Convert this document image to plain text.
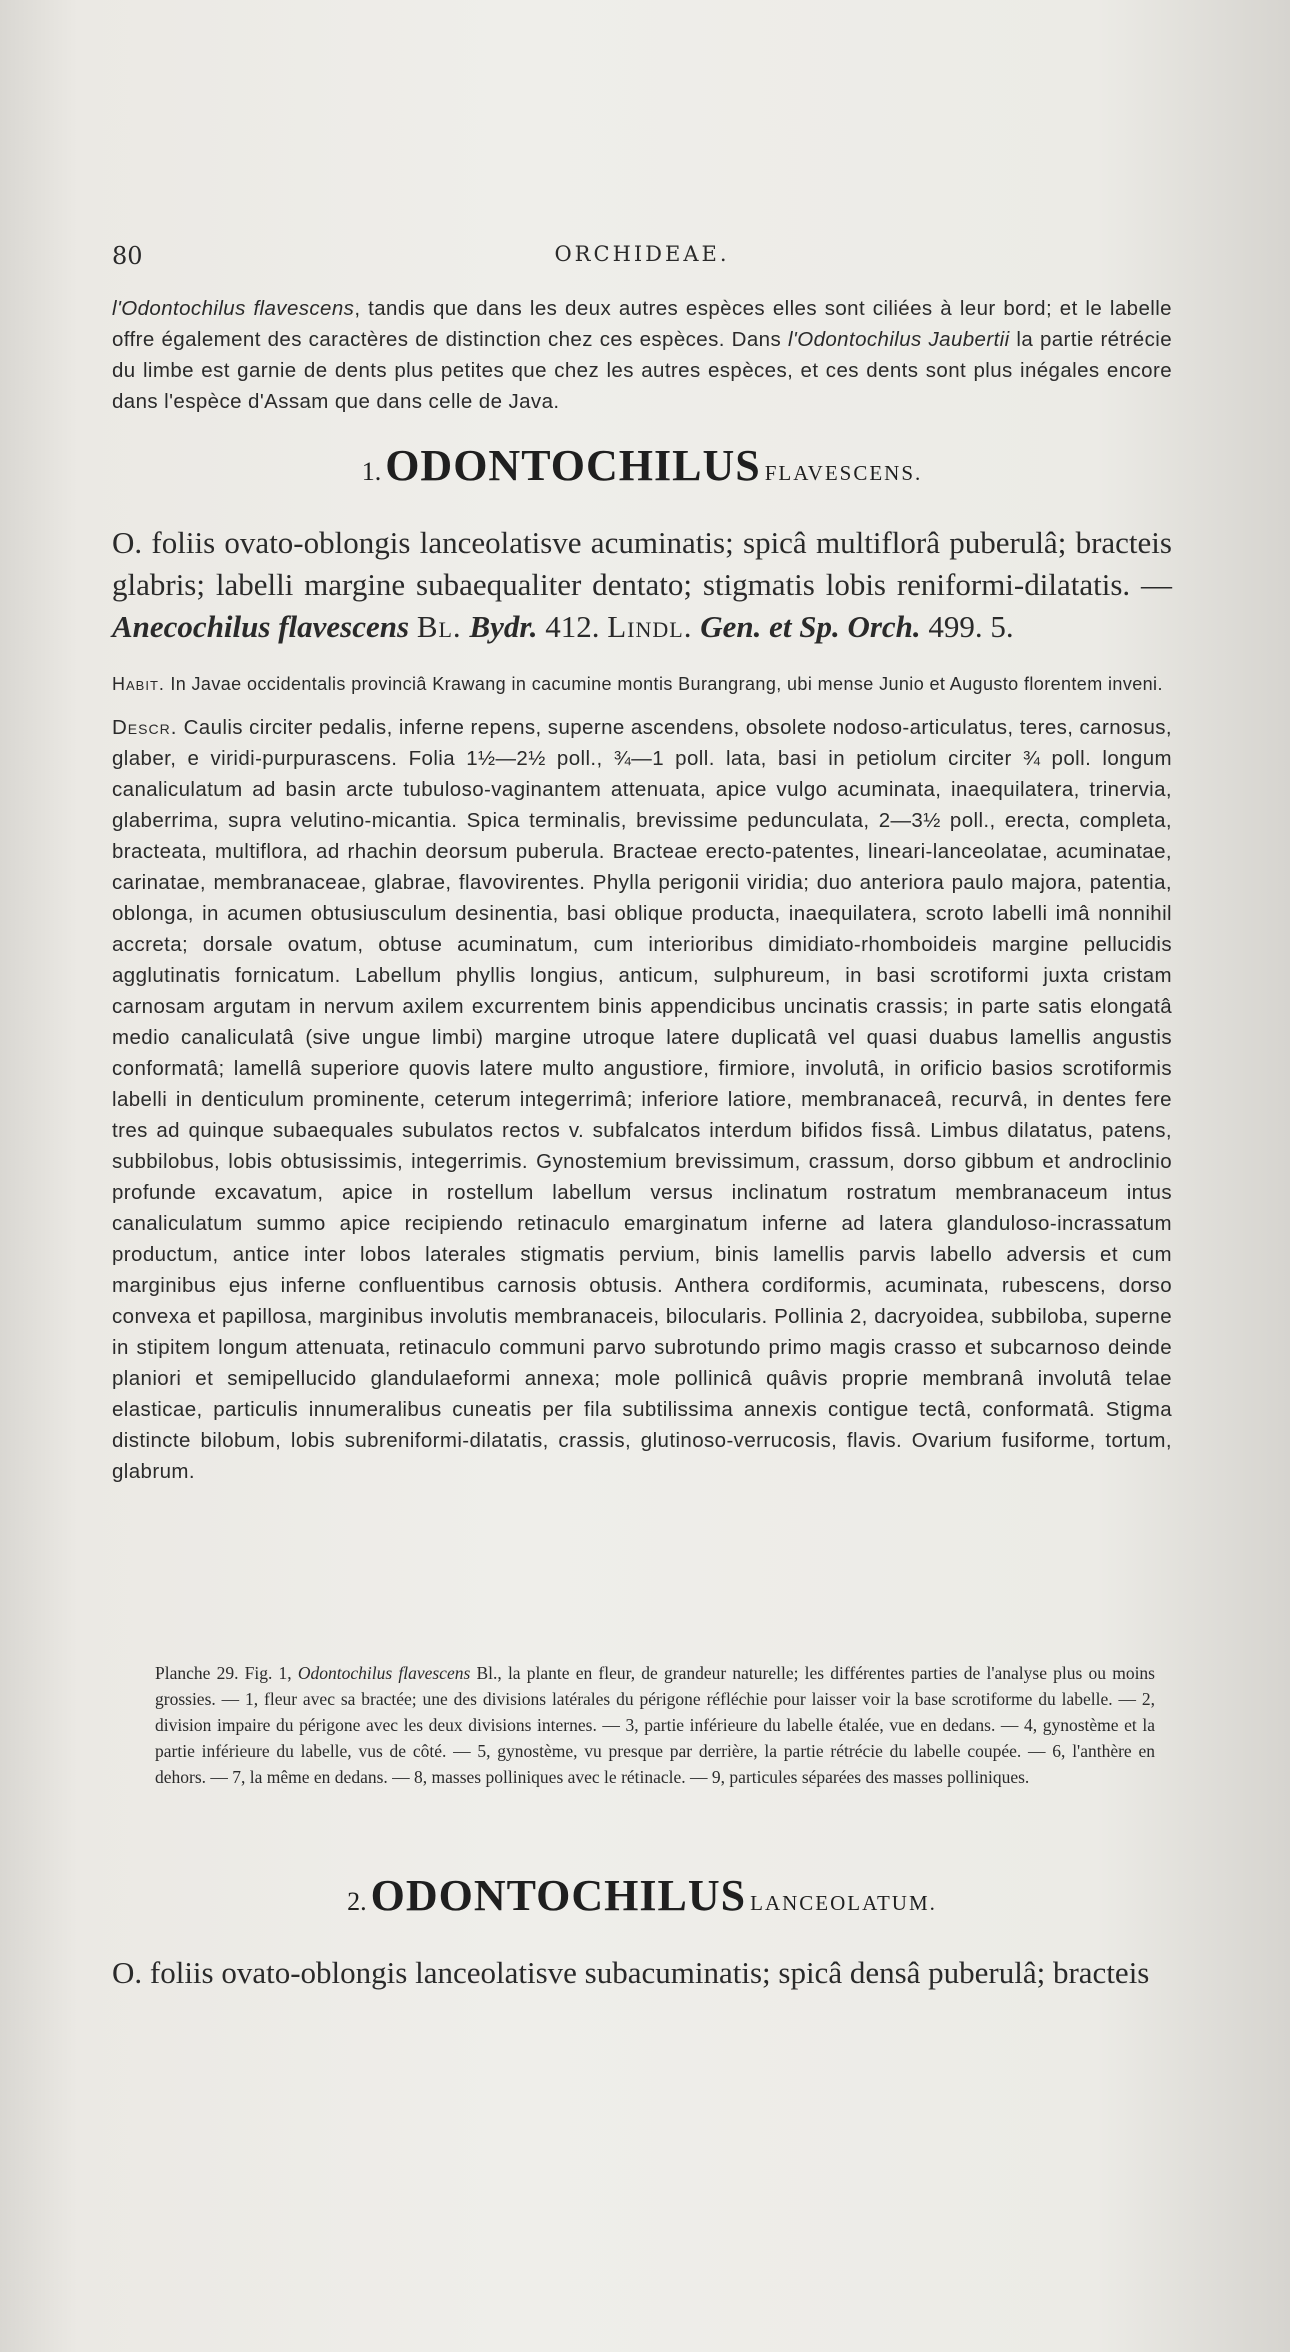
80	ORCHIDEAE.
l'Odontochilus flavescens, tandis que dans les deux autres espèces elles sont ciliées à leur bord; et le labelle offre également des caractères de distinction chez ces espèces. Dans l'Odontochilus Jaubertii la partie rétrécie du limbe est garnie de dents plus petites que chez les autres espèces, et ces dents sont plus inégales encore dans l'espèce d'Assam que dans celle de Java.
1. ODONTOCHILUS FLAVESCENS.
O. foliis ovato-oblongis lanceolatisve acuminatis; spicâ multiflorâ puberulâ; bracteis glabris; labelli margine subaequaliter dentato; stigmatis lobis reniformi-dilatatis. — Anecochilus flavescens Bl. Bydr. 412. Lindl. Gen. et Sp. Orch. 499. 5.
Habit. In Javae occidentalis provinciâ Krawang in cacumine montis Burangrang, ubi mense Junio et Augusto florentem inveni.
Descr. Caulis circiter pedalis, inferne repens, superne ascendens, obsolete nodoso-articulatus, teres, carnosus, glaber, e viridi-purpurascens. Folia 1½—2½ poll., ¾—1 poll. lata, basi in petiolum circiter ¾ poll. longum canaliculatum ad basin arcte tubuloso-vaginantem attenuata, apice vulgo acuminata, inaequilatera, trinervia, glaberrima, supra velutino-micantia. Spica terminalis, brevissime pedunculata, 2—3½ poll., erecta, completa, bracteata, multiflora, ad rhachin deorsum puberula. Bracteae erecto-patentes, lineari-lanceolatae, acuminatae, carinatae, membranaceae, glabrae, flavovirentes. Phylla perigonii viridia; duo anteriora paulo majora, patentia, oblonga, in acumen obtusiusculum desinentia, basi oblique producta, inaequilatera, scroto labelli imâ nonnihil accreta; dorsale ovatum, obtuse acuminatum, cum interioribus dimidiato-rhomboideis margine pellucidis agglutinatis fornicatum. Labellum phyllis longius, anticum, sulphureum, in basi scrotiformi juxta cristam carnosam argutam in nervum axilem excurrentem binis appendicibus uncinatis crassis; in parte satis elongatâ medio canaliculatâ (sive ungue limbi) margine utroque latere duplicatâ vel quasi duabus lamellis angustis conformatâ; lamellâ superiore quovis latere multo angustiore, firmiore, involutâ, in orificio basios scrotiformis labelli in denticulum prominente, ceterum integerrimâ; inferiore latiore, membranaceâ, recurvâ, in dentes fere tres ad quinque subaequales subulatos rectos v. subfalcatos interdum bifidos fissâ. Limbus dilatatus, patens, subbilobus, lobis obtusissimis, integerrimis. Gynostemium brevissimum, crassum, dorso gibbum et androclinio profunde excavatum, apice in rostellum labellum versus inclinatum rostratum membranaceum intus canaliculatum summo apice recipiendo retinaculo emarginatum inferne ad latera glanduloso-incrassatum productum, antice inter lobos laterales stigmatis pervium, binis lamellis parvis labello adversis et cum marginibus ejus inferne confluentibus carnosis obtusis. Anthera cordiformis, acuminata, rubescens, dorso convexa et papillosa, marginibus involutis membranaceis, bilocularis. Pollinia 2, dacryoidea, subbiloba, superne in stipitem longum attenuata, retinaculo communi parvo subrotundo primo magis crasso et subcarnoso deinde planiori et semipellucido glandulaeformi annexa; mole pollinicâ quâvis proprie membranâ involutâ telae elasticae, particulis innumeralibus cuneatis per fila subtilissima annexis contigue tectâ, conformatâ. Stigma distincte bilobum, lobis subreniformi-dilatatis, crassis, glutinoso-verrucosis, flavis. Ovarium fusiforme, tortum, glabrum.
Planche 29. Fig. 1, Odontochilus flavescens Bl., la plante en fleur, de grandeur naturelle; les différentes parties de l'analyse plus ou moins grossies. — 1, fleur avec sa bractée; une des divisions latérales du périgone réfléchie pour laisser voir la base scrotiforme du labelle. — 2, division impaire du périgone avec les deux divisions internes. — 3, partie inférieure du labelle étalée, vue en dedans. — 4, gynostème et la partie inférieure du labelle, vus de côté. — 5, gynostème, vu presque par derrière, la partie rétrécie du labelle coupée. — 6, l'anthère en dehors. — 7, la même en dedans. — 8, masses polliniques avec le rétinacle. — 9, particules séparées des masses polliniques.
2. ODONTOCHILUS LANCEOLATUM.
O. foliis ovato-oblongis lanceolatisve subacuminatis; spicâ densâ puberulâ; bracteis
